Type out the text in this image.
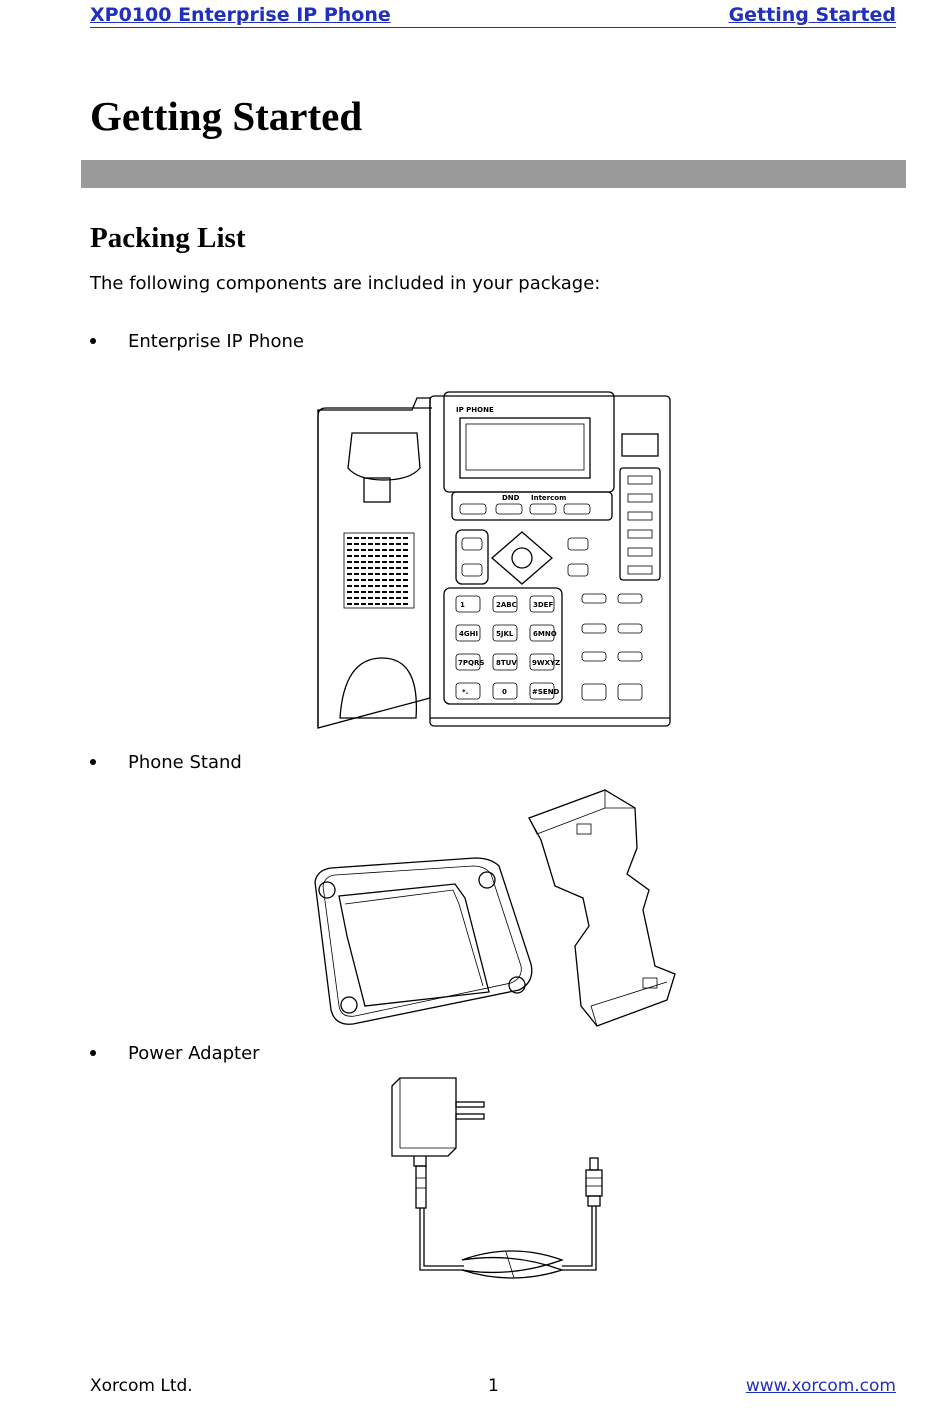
XP0100 Enterprise IP Phone	Getting Started
Getting Started
Packing List
The following components are included in your package:
Enterprise IP Phone
IP PHONE
DND Intercom
1	2ABC 3DEF
4GHI	5JKL	6MNO
7PQRS 8TUV 9WXYZ
*.	0	#SEND
Phone Stand
Power Adapter
Xorcom Ltd.	1	www.xorcom.com
